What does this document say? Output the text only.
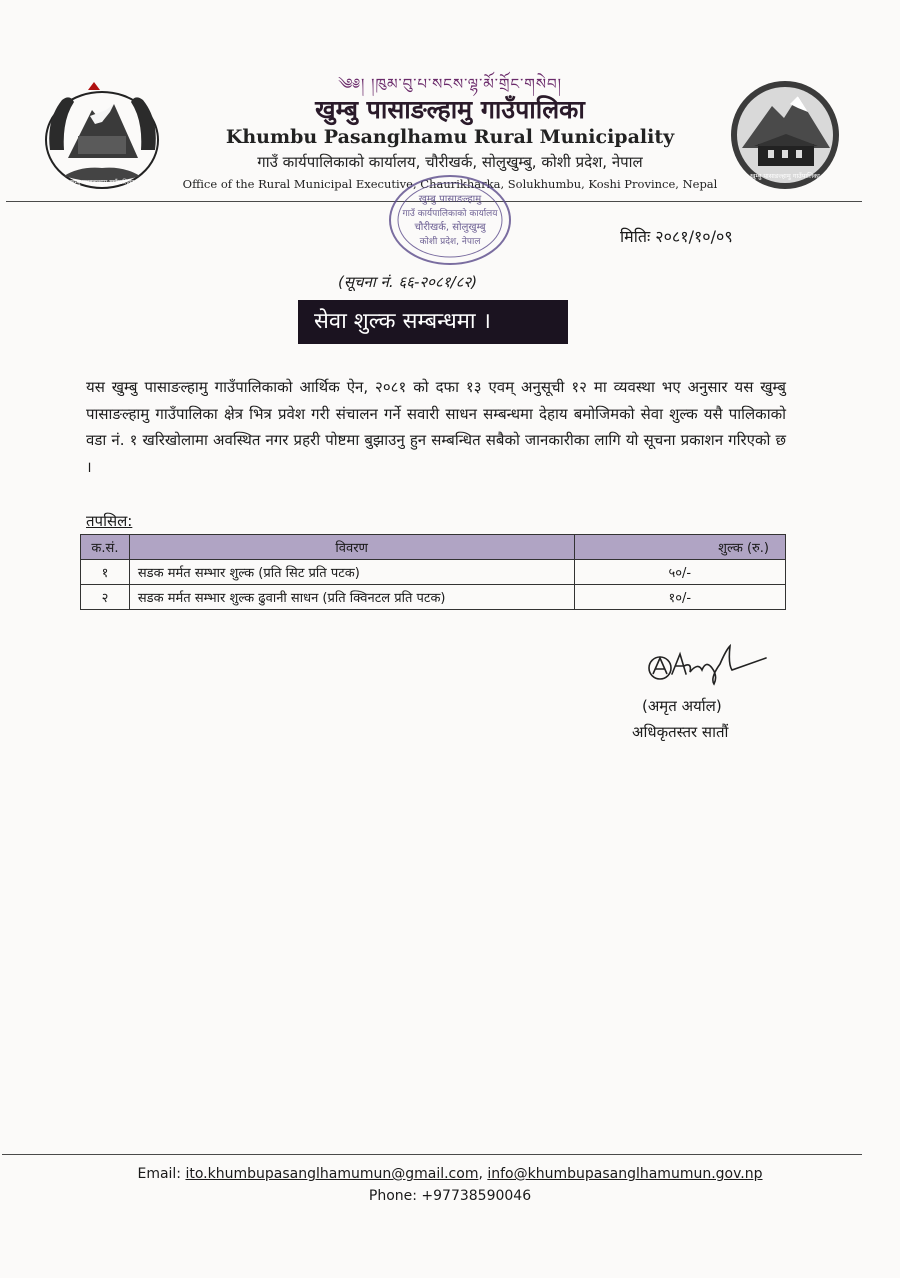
༄༅། །ཁུམ་བུ་པ་སངས་ལྷ་མོ་གྲོང་གསེབ།
खुम्बु पासाङल्हामु गाउँपालिका
Khumbu Pasanglhamu Rural Municipality
गाउँ कार्यपालिकाको कार्यालय, चौरीखर्क, सोलुखुम्बु, कोशी प्रदेश, नेपाल
Office of the Rural Municipal Executive, Chaurikharka, Solukhumbu, Koshi Province, Nepal
खुम्बु पासाङल्हामु गाउँपालिका
खुम्बु पासाङल्हामु गाउँपालिका
खुम्बु पासाङल्हामु
गाउँ कार्यपालिकाको कार्यालय
चौरीखर्क, सोलुखुम्बु
कोशी प्रदेश, नेपाल	मितिः २०८१/१०/०९
(सूचना नं. ६६-२०८१/८२)
सेवा शुल्क सम्बन्धमा ।
यस खुम्बु पासाङल्हामु गाउँपालिकाको आर्थिक ऐन, २०८१ को दफा १३ एवम् अनुसूची १२ मा व्यवस्था भए अनुसार यस खुम्बु पासाङल्हामु गाउँपालिका क्षेत्र भित्र प्रवेश गरी संचालन गर्ने सवारी साधन सम्बन्धमा देहाय बमोजिमको सेवा शुल्क यसै पालिकाको वडा नं. १ खरिखोलामा अवस्थित नगर प्रहरी पोष्टमा बुझाउनु हुन सम्बन्धित सबैको जानकारीका लागि यो सूचना प्रकाशन गरिएको छ ।
तपसिल:
क.सं.	विवरण	शुल्क (रु.)
१	सडक मर्मत सम्भार शुल्क (प्रति सिट प्रति पटक)	५०/-
२	सडक मर्मत सम्भार शुल्क ढुवानी साधन (प्रति क्विनटल प्रति पटक)	१०/-
(अमृत अर्याल)
अधिकृतस्तर सातौं
Email: ito.khumbupasanglhamumun@gmail.com, info@khumbupasanglhamumun.gov.np
Phone: +97738590046
